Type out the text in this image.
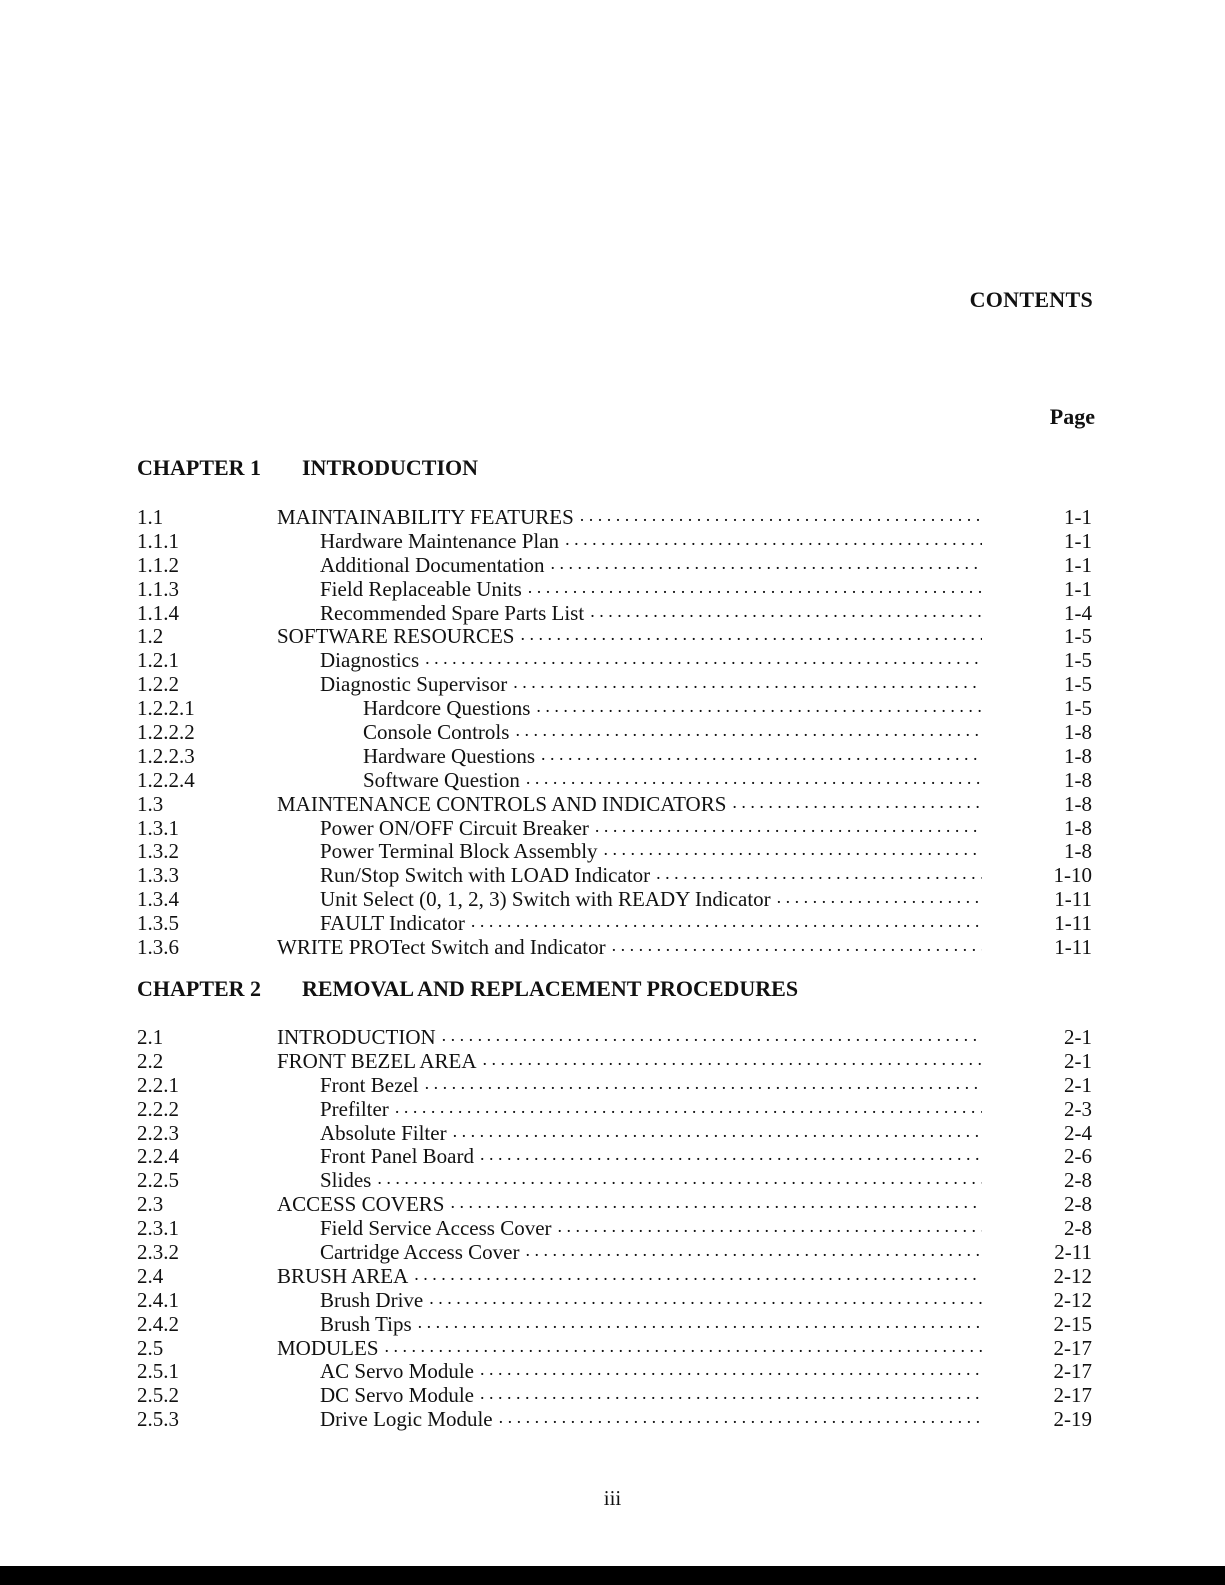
CONTENTS
Page
CHAPTER 1 INTRODUCTION
1.1	MAINTAINABILITY FEATURES . . .	1-1
1.1.1	Hardware Maintenance Plan . . .	1-1
1.1.2	Additional Documentation . . .	1-1
1.1.3	Field Replaceable Units . . .	1-1
1.1.4	Recommended Spare Parts List . . .	1-4
1.2	SOFTWARE RESOURCES . . .	1-5
1.2.1	Diagnostics . . .	1-5
1.2.2	Diagnostic Supervisor . . .	1-5
1.2.2.1	Hardcore Questions . . .	1-5
1.2.2.2	Console Controls . . .	1-8
1.2.2.3	Hardware Questions . . .	1-8
1.2.2.4	Software Question . . .	1-8
1.3	MAINTENANCE CONTROLS AND INDICATORS . . .	1-8
1.3.1	Power ON/OFF Circuit Breaker . . .	1-8
1.3.2	Power Terminal Block Assembly . . .	1-8
1.3.3	Run/Stop Switch with LOAD Indicator . . .	1-10
1.3.4	Unit Select (0, 1, 2, 3) Switch with READY Indicator . . .	1-11
1.3.5	FAULT Indicator . . .	1-11
1.3.6	WRITE PROTect Switch and Indicator . . .	1-11
CHAPTER 2 REMOVAL AND REPLACEMENT PROCEDURES
2.1	INTRODUCTION . . .	2-1
2.2	FRONT BEZEL AREA . . .	2-1
2.2.1	Front Bezel . . .	2-1
2.2.2	Prefilter . . .	2-3
2.2.3	Absolute Filter . . .	2-4
2.2.4	Front Panel Board . . .	2-6
2.2.5	Slides . . .	2-8
2.3	ACCESS COVERS . . .	2-8
2.3.1	Field Service Access Cover . . .	2-8
2.3.2	Cartridge Access Cover . . .	2-11
2.4	BRUSH AREA . . .	2-12
2.4.1	Brush Drive . . .	2-12
2.4.2	Brush Tips . . .	2-15
2.5	MODULES . . .	2-17
2.5.1	AC Servo Module . . .	2-17
2.5.2	DC Servo Module . . .	2-17
2.5.3	Drive Logic Module . . .	2-19
iii
